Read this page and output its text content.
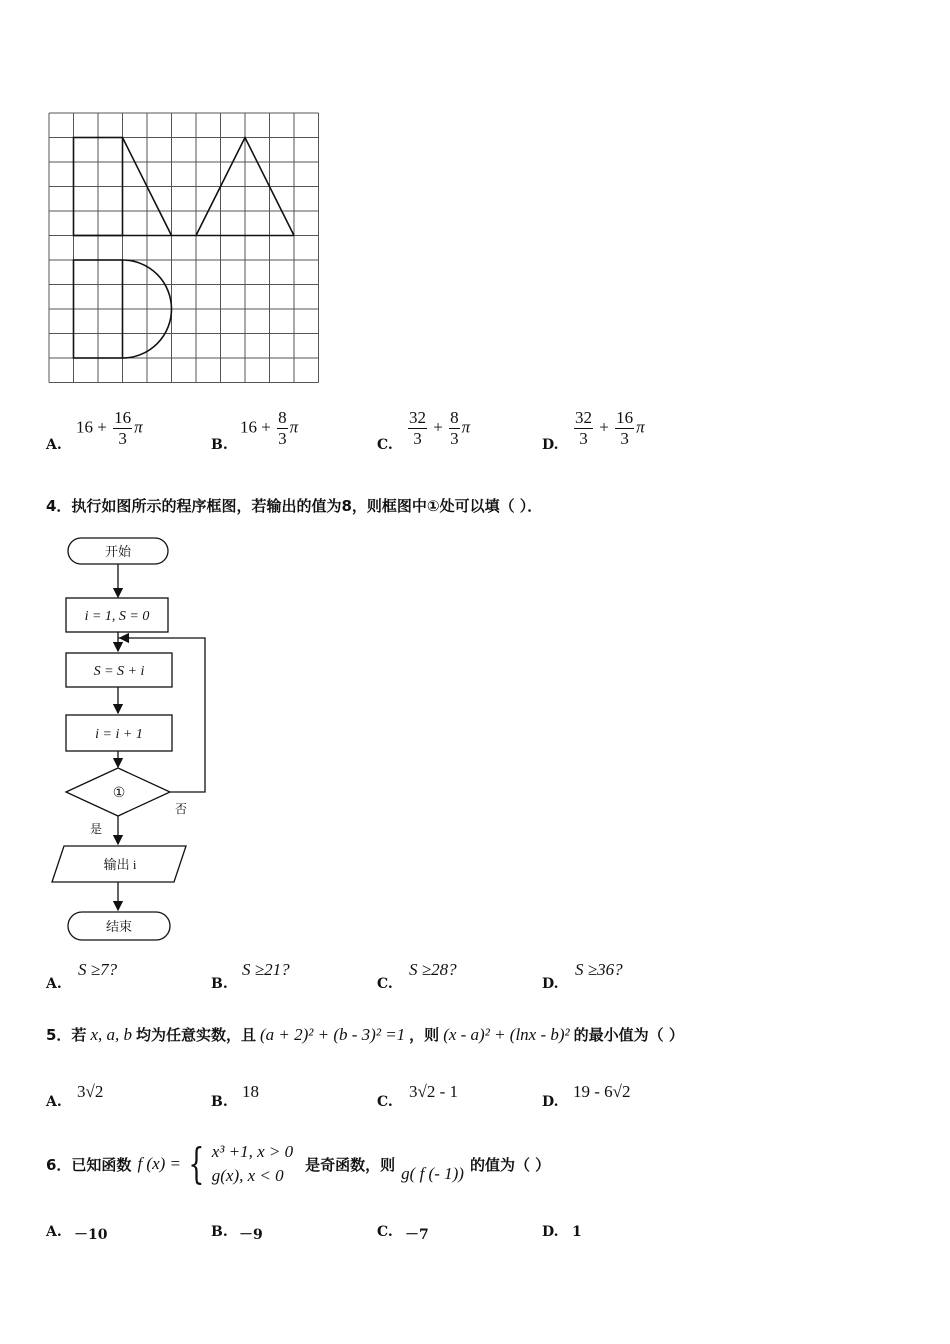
A.
$16 + \frac{16}{3}$ π
B.
$16 + \frac{8}{3}$ π
C. $\frac{32}{3} + \frac{8}{3}$ π
D. $\frac{32}{3} + \frac{16}{3}$ π
4．执行如图所示的程序框图，若输出的值为8，则框图中①处可以填（ ）．
开始
i = 1, S = 0
S = S + i
i = i + 1
①
否
是
输出 i
结束
A.
S ≥7?
B.
S ≥21?
C.
S ≥28?
D.
S ≥36?
5．若 x, a, b 均为任意实数，且 (a + 2)² + (b - 3)² =1 ，则 (x - a)² + (lnx - b)² 的最小值为（ ）
A.
3√2
B.
18
C.
3√2 - 1
D.
19 - 6√2
6．已知函数 f (x) = { x³ +1, x > 0
g(x), x < 0
是奇函数，则 g( f (- 1)) 的值为（ ）
A. －10	B. －9	C. －7	D. 1
